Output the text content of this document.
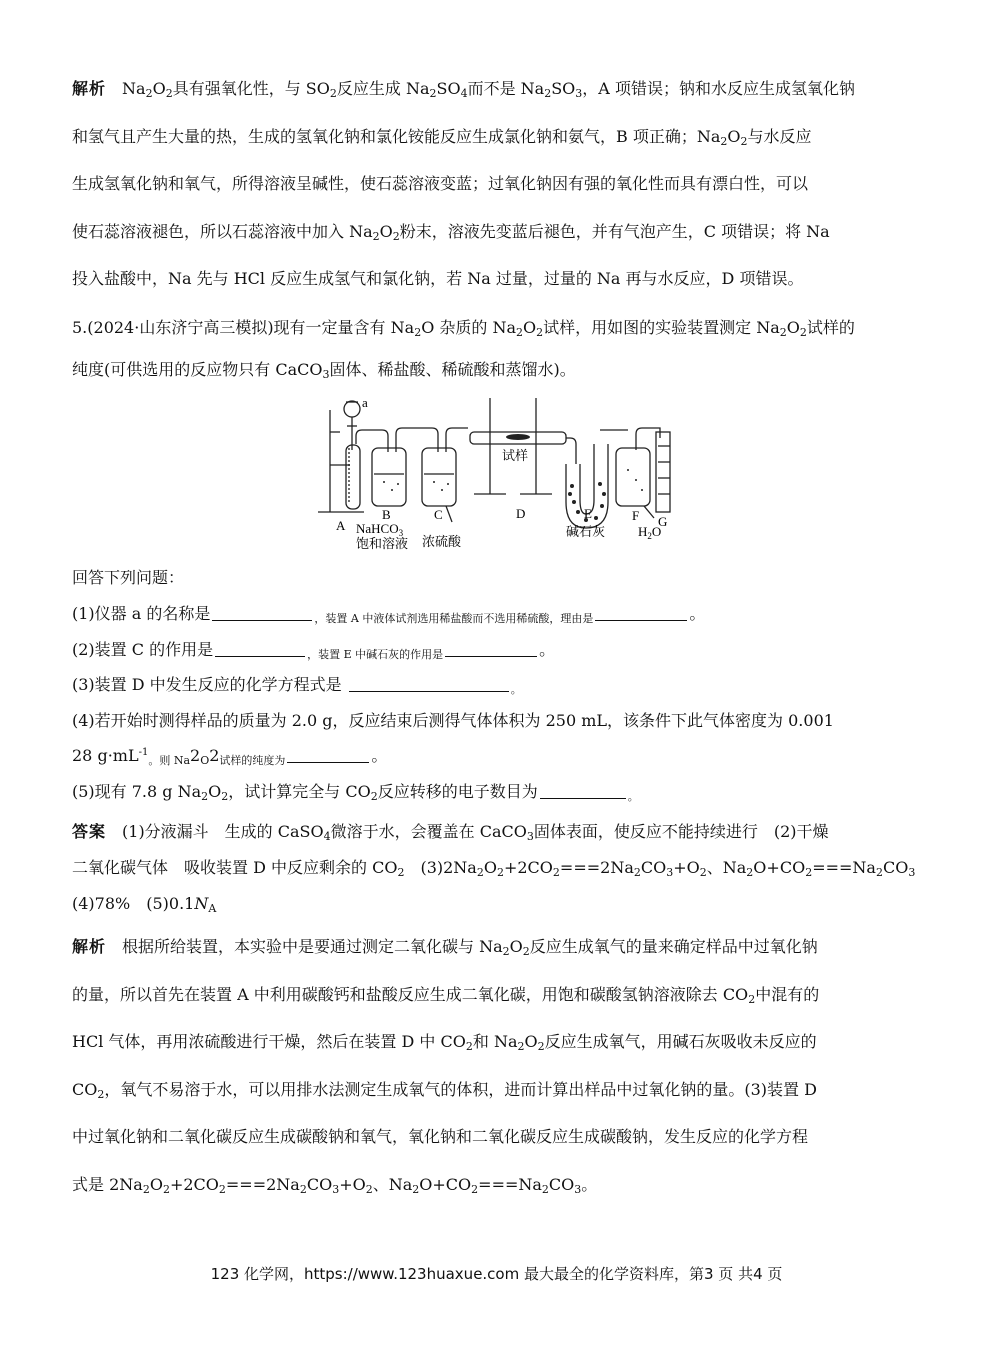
解析 $Na_2O_2$具有强氧化性，与 $SO_2$反应生成 $Na_2SO_4$而不是 $Na_2SO_3$，A 项错误；钠和水反应生成氢氧化钠
和氢气且产生大量的热，生成的氢氧化钠和氯化铵能反应生成氯化钠和氨气，B 项正确；$Na_2O_2$与水反应
生成氢氧化钠和氧气，所得溶液呈碱性，使石蕊溶液变蓝；过氧化钠因有强的氧化性而具有漂白性，可以
使石蕊溶液褪色，所以石蕊溶液中加入 $Na_2O_2$粉末，溶液先变蓝后褪色，并有气泡产生，C 项错误；将 Na
投入盐酸中，Na 先与 HCl 反应生成氢气和氯化钠，若 Na 过量，过量的 Na 再与水反应，D 项错误。
5.(2024·山东济宁高三模拟)现有一定量含有 $Na_2O$ 杂质的 $Na_2O_2$试样，用如图的实验装置测定 $Na_2O_2$试样的
纯度(可供选用的反应物只有 CaCO$_3$固体、稀盐酸、稀硫酸和蒸馏水)。
a
A
B
NaHCO$_3$
饱和溶液
C
浓硫酸
试样
D	E
碱石灰
F G
$H_2O$
回答下列问题：
(1)仪器 a 的名称是	$_{,装置 A 中液体试剂选用稀盐酸而不选用稀硫酸,理由是}$	。
(2)装置 C 的作用是	$_{,装置 E 中碱石灰的作用是}$	。
(3)装置 D 中发生反应的化学方程式是	$_。$
(4)若开始时测得样品的质量为 2.0 g，反应结束后测得气体体积为 250 mL，该条件下此气体密度为 0.001
28 $g\cdot mL^{-1}_{。则 Na}2_O2_{试样的纯度为}$	。
(5)现有 7.8 g $Na_2O_2$，试计算完全与 $CO_2$反应转移的电子数目为	$_。$
答案 (1)分液漏斗　生成的 CaSO$_4$微溶于水，会覆盖在 CaCO$_3$固体表面，使反应不能持续进行　(2)干燥
二氧化碳气体　吸收装置 D 中反应剩余的 $CO_2$　$(3)2Na_2O_2+2CO_2===2Na_2CO_3+O_2$、$Na_2O+CO_2===Na_2CO_3$
(4)78%　$(5)0.1N_A$
解析 根据所给装置，本实验中是要通过测定二氧化碳与 $Na_2O_2$反应生成氧气的量来确定样品中过氧化钠
的量，所以首先在装置 A 中利用碳酸钙和盐酸反应生成二氧化碳，用饱和碳酸氢钠溶液除去 $CO_2$中混有的
HCl 气体，再用浓硫酸进行干燥，然后在装置 D 中 $CO_2$和 $Na_2O_2$反应生成氧气，用碱石灰吸收未反应的
$CO_2$，氧气不易溶于水，可以用排水法测定生成氧气的体积，进而计算出样品中过氧化钠的量。(3)装置 D
中过氧化钠和二氧化碳反应生成碳酸钠和氧气，氧化钠和二氧化碳反应生成碳酸钠，发生反应的化学方程
式是 $2Na_2O_2+2CO_2===2Na_2CO_3+O_2$、$Na_2O+CO_2===Na_2CO_3$。
123 化学网，https://www.123huaxue.com 最大最全的化学资料库，第3 页 共4 页
